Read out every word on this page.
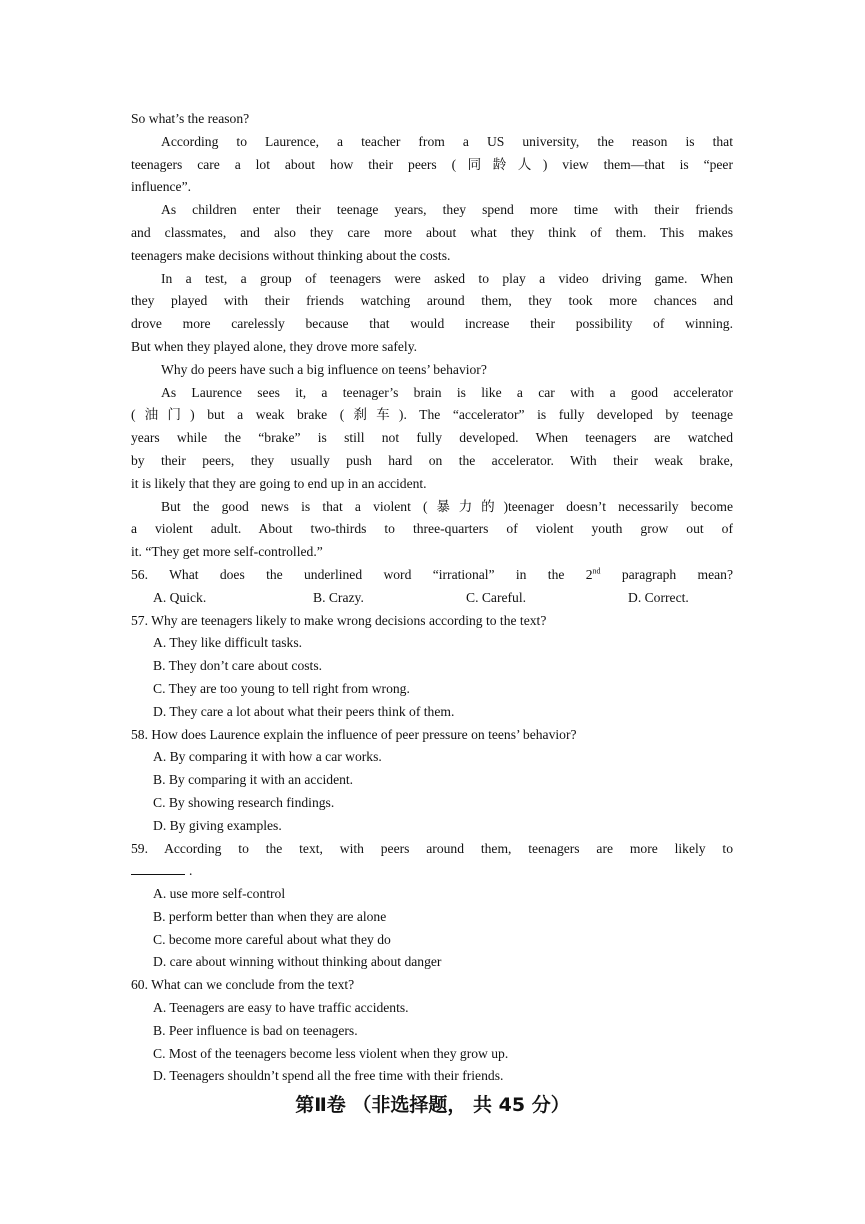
So what’s the reason?
According to Laurence, a teacher from a US university, the reason is that
teenagers care a lot about how their peers (同龄人) view them—that is “peer
influence”.
As children enter their teenage years, they spend more time with their friends
and classmates, and also they care more about what they think of them. This makes
teenagers make decisions without thinking about the costs.
In a test, a group of teenagers were asked to play a video driving game. When
they played with their friends watching around them, they took more chances and
drove more carelessly because that would increase their possibility of winning.
But when they played alone, they drove more safely.
Why do peers have such a big influence on teens’ behavior?
As Laurence sees it, a teenager’s brain is like a car with a good accelerator
(油门) but a weak brake (刹车). The “accelerator” is fully developed by teenage
years while the “brake” is still not fully developed. When teenagers are watched
by their peers, they usually push hard on the accelerator. With their weak brake,
it is likely that they are going to end up in an accident.
But the good news is that a violent (暴力的)teenager doesn’t necessarily become
a violent adult. About two-thirds to three-quarters of violent youth grow out of
it. “They get more self-controlled.”
56. What does the underlined word “irrational” in the 2nd paragraph mean?
A. Quick.	B. Crazy.	C. Careful.	D. Correct.
57. Why are teenagers likely to make wrong decisions according to the text?
A. They like difficult tasks.
B. They don’t care about costs.
C. They are too young to tell right from wrong.
D. They care a lot about what their peers think of them.
58. How does Laurence explain the influence of peer pressure on teens’ behavior?
A. By comparing it with how a car works.
B. By comparing it with an accident.
C. By showing research findings.
D. By giving examples.
59. According to the text, with peers around them, teenagers are more likely to
.
A. use more self-control
B. perform better than when they are alone
C. become more careful about what they do
D. care about winning without thinking about danger
60. What can we conclude from the text?
A. Teenagers are easy to have traffic accidents.
B. Peer influence is bad on teenagers.
C. Most of the teenagers become less violent when they grow up.
D. Teenagers shouldn’t spend all the free time with their friends.
第Ⅱ卷 （非选择题， 共 45 分）
